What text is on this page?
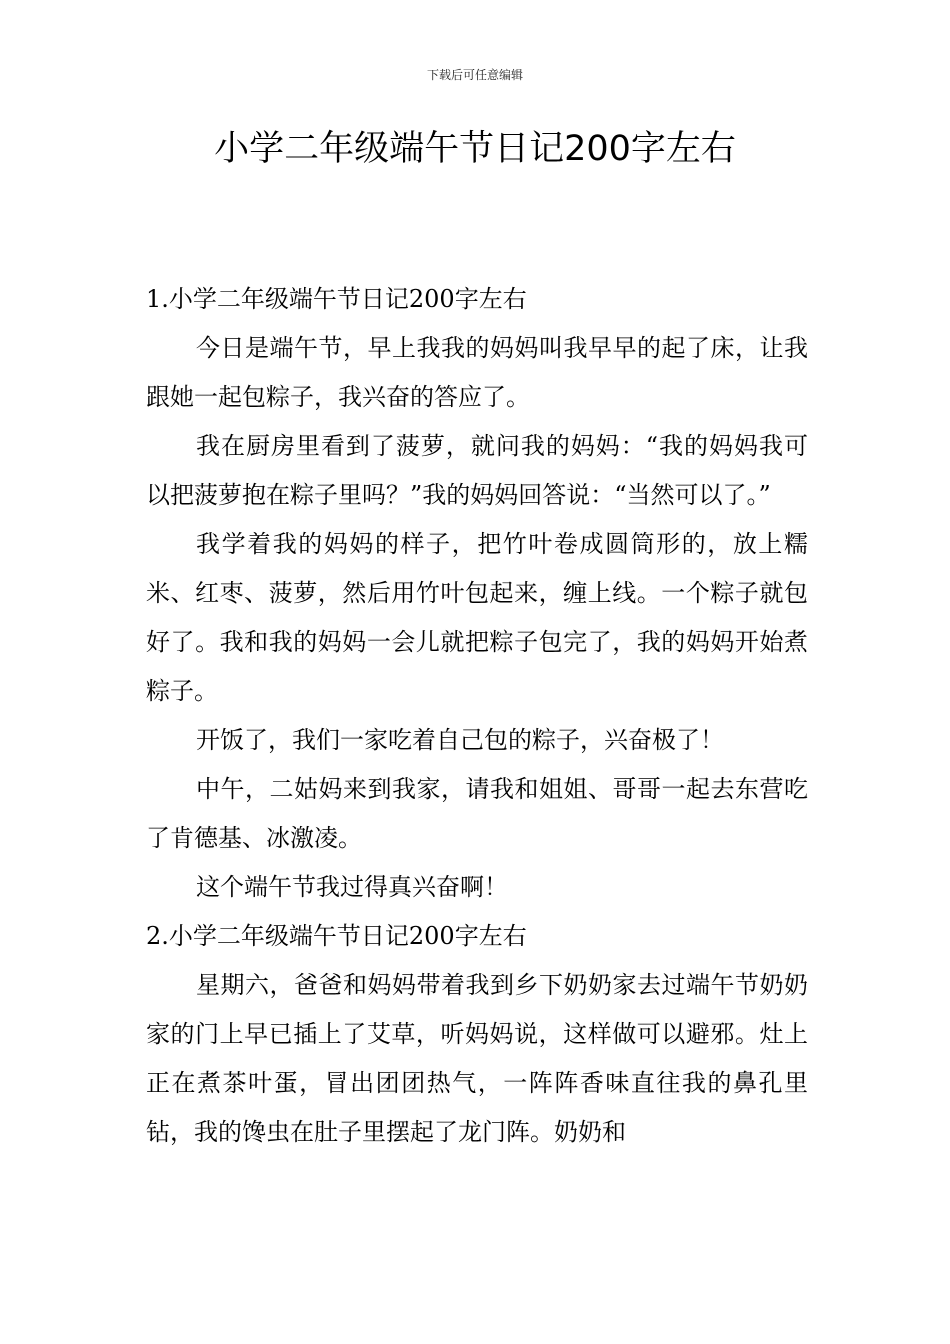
下载后可任意编辑
小学二年级端午节日记200字左右
1.小学二年级端午节日记200字左右

今日是端午节，早上我我的妈妈叫我早早的起了床，让我跟她一起包粽子，我兴奋的答应了。

我在厨房里看到了菠萝，就问我的妈妈：“我的妈妈我可以把菠萝抱在粽子里吗？”我的妈妈回答说：“当然可以了。”

我学着我的妈妈的样子，把竹叶卷成圆筒形的，放上糯米、红枣、菠萝，然后用竹叶包起来，缠上线。一个粽子就包好了。我和我的妈妈一会儿就把粽子包完了，我的妈妈开始煮粽子。

开饭了，我们一家吃着自己包的粽子，兴奋极了！

中午，二姑妈来到我家，请我和姐姐、哥哥一起去东营吃了肯德基、冰激凌。

这个端午节我过得真兴奋啊！

2.小学二年级端午节日记200字左右

星期六，爸爸和妈妈带着我到乡下奶奶家去过端午节奶奶家的门上早已插上了艾草，听妈妈说，这样做可以避邪。灶上正在煮茶叶蛋，冒出团团热气，一阵阵香味直往我的鼻孔里钻，我的馋虫在肚子里摆起了龙门阵。奶奶和
